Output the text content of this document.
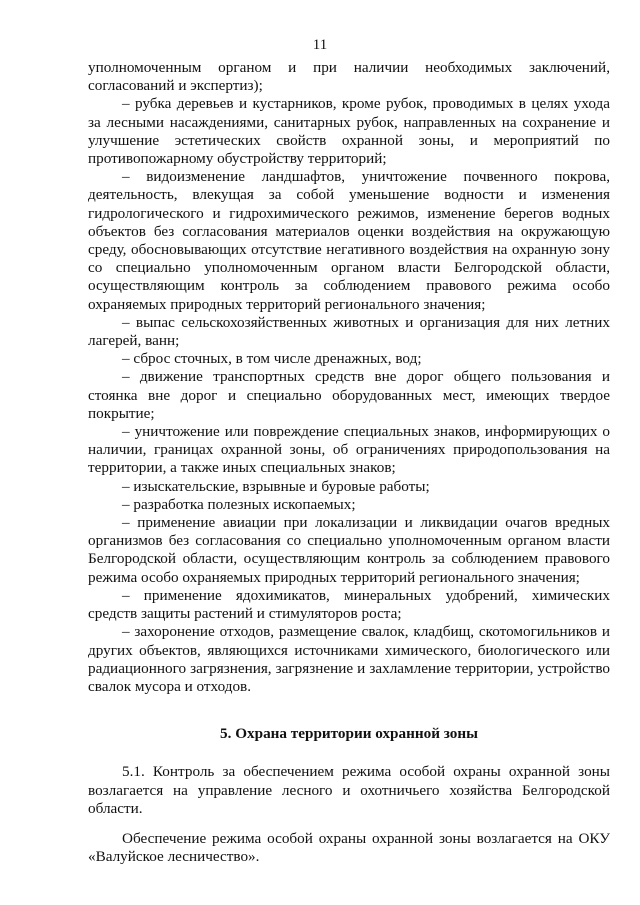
11

уполномоченным органом и при наличии необходимых заключений, согласований и экспертиз);

– рубка деревьев и кустарников, кроме рубок, проводимых в целях ухода за лесными насаждениями, санитарных рубок, направленных на сохранение и улучшение эстетических свойств охранной зоны, и мероприятий по противопожарному обустройству территорий;

– видоизменение ландшафтов, уничтожение почвенного покрова, деятельность, влекущая за собой уменьшение водности и изменения гидрологического и гидрохимического режимов, изменение берегов водных объектов без согласования материалов оценки воздействия на окружающую среду, обосновывающих отсутствие негативного воздействия на охранную зону со специально уполномоченным органом власти Белгородской области, осуществляющим контроль за соблюдением правового режима особо охраняемых природных территорий регионального значения;

– выпас сельскохозяйственных животных и организация для них летних лагерей, ванн;

– сброс сточных, в том числе дренажных, вод;

– движение транспортных средств вне дорог общего пользования и стоянка вне дорог и специально оборудованных мест, имеющих твердое покрытие;

– уничтожение или повреждение специальных знаков, информирующих о наличии, границах охранной зоны, об ограничениях природопользования на территории, а также иных специальных знаков;

– изыскательские, взрывные и буровые работы;

– разработка полезных ископаемых;

– применение авиации при локализации и ликвидации очагов вредных организмов без согласования со специально уполномоченным органом власти Белгородской области, осуществляющим контроль за соблюдением правового режима особо охраняемых природных территорий регионального значения;

– применение ядохимикатов, минеральных удобрений, химических средств защиты растений и стимуляторов роста;

– захоронение отходов, размещение свалок, кладбищ, скотомогильников и других объектов, являющихся источниками химического, биологического или радиационного загрязнения, загрязнение и захламление территории, устройство свалок мусора и отходов.

5. Охрана территории охранной зоны

5.1. Контроль за обеспечением режима особой охраны охранной зоны возлагается на управление лесного и охотничьего хозяйства Белгородской области.

Обеспечение режима особой охраны охранной зоны возлагается на ОКУ «Валуйское лесничество».
